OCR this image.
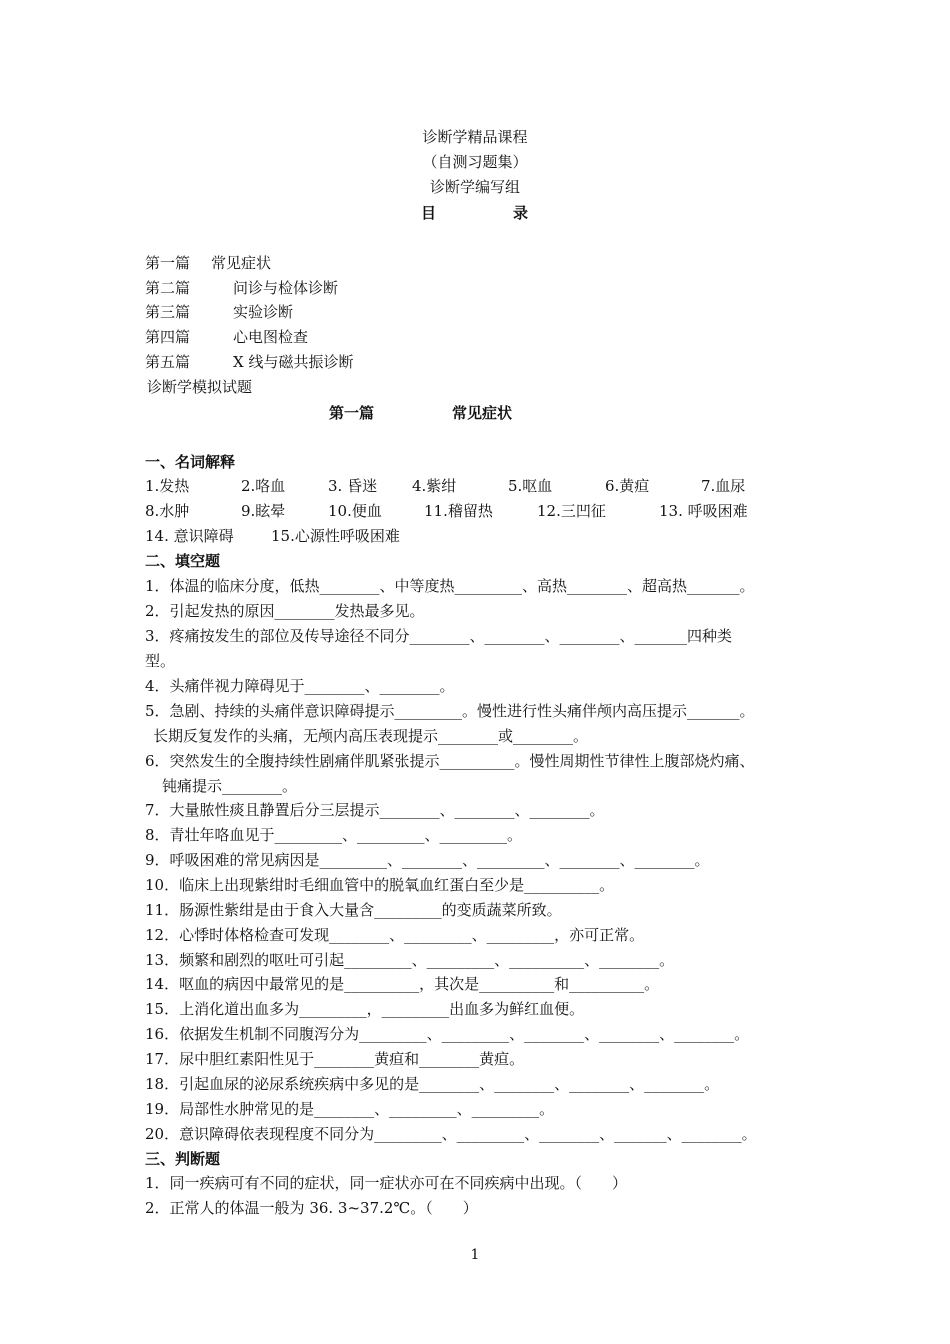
诊断学精品课程
（自测习题集）
诊断学编写组
目	录
第一篇 常见症状
第二篇	问诊与检体诊断
第三篇	实验诊断
第四篇	心电图检查
第五篇	X 线与磁共振诊断
诊断学模拟试题
第一篇	常见症状
一、名词解释
1.发热	2.咯血	3. 昏迷 4.紫绀	5.呕血	6.黄疸	7.血尿
8.水肿	9.眩晕	10.便血	11.稽留热	12.三凹征	13. 呼吸困难
14. 意识障碍 15.心源性呼吸困难
二、填空题
1．体温的临床分度，低热________、中等度热_________、高热________、超高热_______。
2．引起发热的原因________发热最多见。
3．疼痛按发生的部位及传导途径不同分________、________、________、_______四种类
型。
4．头痛伴视力障碍见于________、________。
5．急剧、持续的头痛伴意识障碍提示_________。慢性进行性头痛伴颅内高压提示_______。
长期反复发作的头痛，无颅内高压表现提示________或________。
6．突然发生的全腹持续性剧痛伴肌紧张提示__________。慢性周期性节律性上腹部烧灼痛、
钝痛提示________。
7．大量脓性痰且静置后分三层提示________、________、________。
8．青壮年咯血见于_________、_________、_________。
9．呼吸困难的常见病因是_________、________、_________、________、________。
10．临床上出现紫绀时毛细血管中的脱氧血红蛋白至少是__________。
11．肠源性紫绀是由于食入大量含_________的变质蔬菜所致。
12．心悸时体格检查可发现________、_________、_________，亦可正常。
13．频繁和剧烈的呕吐可引起_________、_________、__________、________。
14．呕血的病因中最常见的是__________，其次是__________和__________。
15．上消化道出血多为_________，_________出血多为鲜红血便。
16．依据发生机制不同腹泻分为_________、_________、________、________、________。
17．尿中胆红素阳性见于________黄疸和________黄疸。
18．引起血尿的泌尿系统疾病中多见的是________、________、________、________。
19．局部性水肿常见的是________、_________、_________。
20．意识障碍依表现程度不同分为_________、_________、________、_______、________。
三、判断题
1．同一疾病可有不同的症状，同一症状亦可在不同疾病中出现。（　　）
2．正常人的体温一般为 36. 3~37.2℃。（　　）
1
